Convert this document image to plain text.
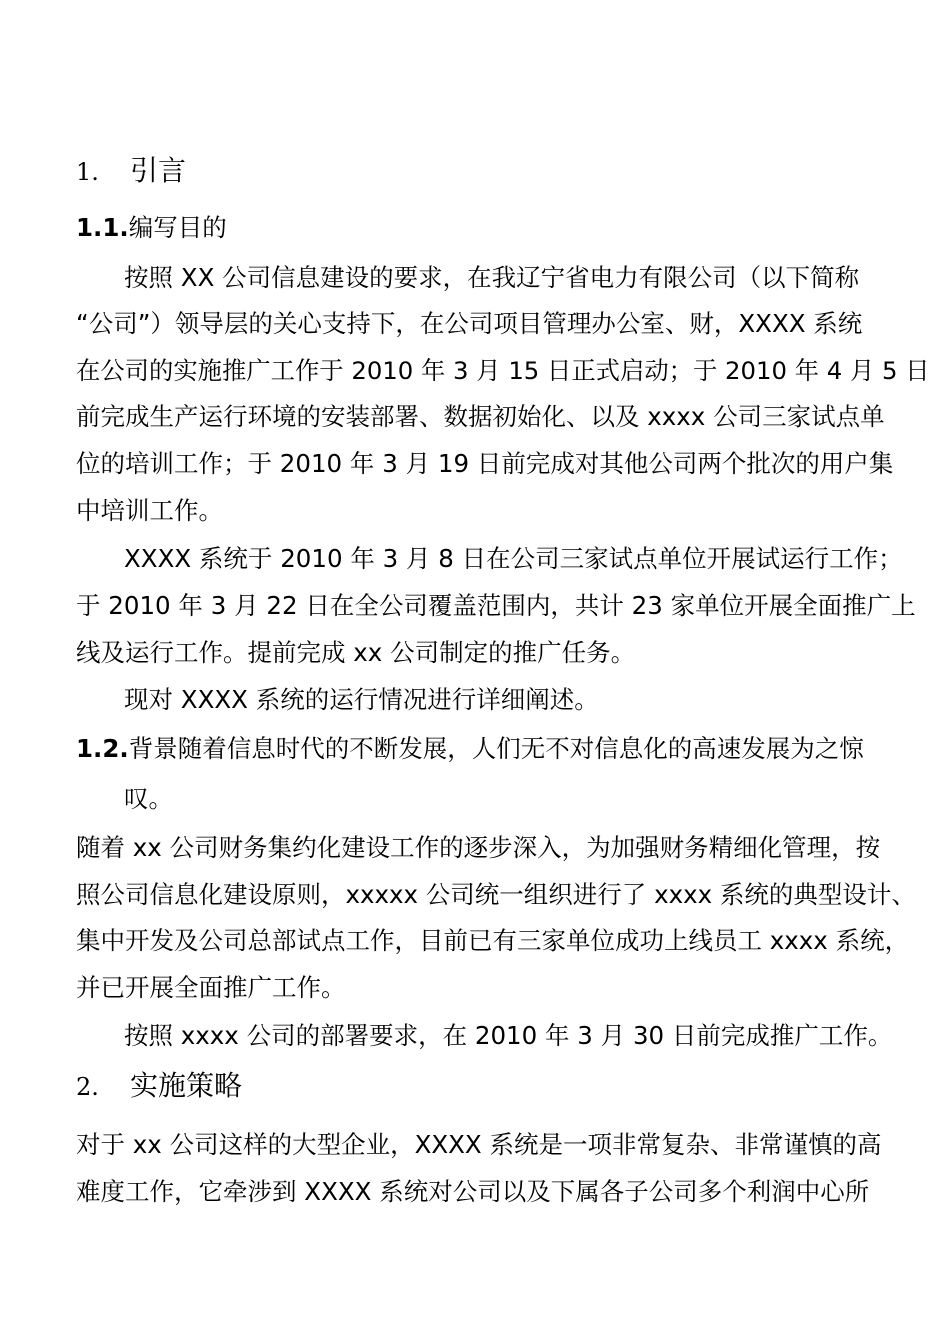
1. 引言
1.1.编写目的
按照 XX 公司信息建设的要求，在我辽宁省电力有限公司（以下简称
“公司”）领导层的关心支持下，在公司项目管理办公室、财，XXXX 系统
在公司的实施推广工作于 2010 年 3 月 15 日正式启动；于 2010 年 4 月 5 日
前完成生产运行环境的安装部署、数据初始化、以及 xxxx 公司三家试点单
位的培训工作；于 2010 年 3 月 19 日前完成对其他公司两个批次的用户集
中培训工作。
XXXX 系统于 2010 年 3 月 8 日在公司三家试点单位开展试运行工作；
于 2010 年 3 月 22 日在全公司覆盖范围内，共计 23 家单位开展全面推广上
线及运行工作。提前完成 xx 公司制定的推广任务。
现对 XXXX 系统的运行情况进行详细阐述。
1.2.背景随着信息时代的不断发展，人们无不对信息化的高速发展为之惊
叹。
随着 xx 公司财务集约化建设工作的逐步深入，为加强财务精细化管理，按
照公司信息化建设原则，xxxxx 公司统一组织进行了 xxxx 系统的典型设计、
集中开发及公司总部试点工作，目前已有三家单位成功上线员工 xxxx 系统，
并已开展全面推广工作。
按照 xxxx 公司的部署要求，在 2010 年 3 月 30 日前完成推广工作。
2. 实施策略
对于 xx 公司这样的大型企业，XXXX 系统是一项非常复杂、非常谨慎的高
难度工作，它牵涉到 XXXX 系统对公司以及下属各子公司多个利润中心所
